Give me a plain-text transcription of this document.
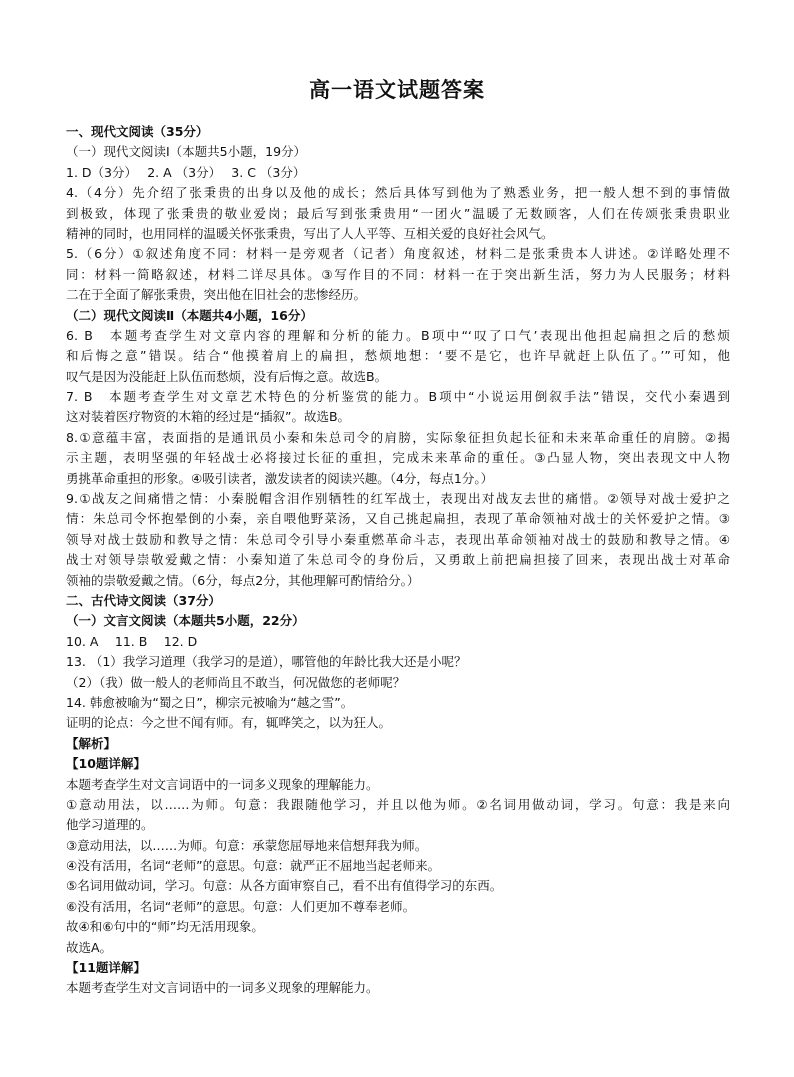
高一语文试题答案
一、现代文阅读（35分）
（一）现代文阅读Ⅰ（本题共5小题，19分）
1. D（3分）　 2. A （3分）　 3. C （3分）
4.（4分）先介绍了张秉贵的出身以及他的成长；然后具体写到他为了熟悉业务，把一般人想不到的事情做
到极致，体现了张秉贵的敬业爱岗；最后写到张秉贵用“一团火”温暖了无数顾客，人们在传颂张秉贵职业
精神的同时，也用同样的温暖关怀张秉贵，写出了人人平等、互相关爱的良好社会风气。
5.（6分）①叙述角度不同：材料一是旁观者（记者）角度叙述，材料二是张秉贵本人讲述。②详略处理不
同：材料一简略叙述，材料二详尽具体。③写作目的不同：材料一在于突出新生活，努力为人民服务；材料
二在于全面了解张秉贵，突出他在旧社会的悲惨经历。
（二）现代文阅读Ⅱ（本题共4小题，16分）
6. B　本题考查学生对文章内容的理解和分析的能力。B项中“‘叹了口气’表现出他担起扁担之后的愁烦
和后悔之意”错误。结合“他摸着肩上的扁担，愁烦地想：‘要不是它，也许早就赶上队伍了。’”可知，他
叹气是因为没能赶上队伍而愁烦，没有后悔之意。故选B。
7. B　本题考查学生对文章艺术特色的分析鉴赏的能力。B项中“小说运用倒叙手法”错误，交代小秦遇到
这对装着医疗物资的木箱的经过是“插叙”。故选B。
8.①意蕴丰富，表面指的是通讯员小秦和朱总司令的肩膀，实际象征担负起长征和未来革命重任的肩膀。②揭
示主题，表明坚强的年轻战士必将接过长征的重担，完成未来革命的重任。③凸显人物，突出表现文中人物
勇挑革命重担的形象。④吸引读者，激发读者的阅读兴趣。（4分，每点1分。）
9.①战友之间痛惜之情：小秦脱帽含泪作别牺牲的红军战士，表现出对战友去世的痛惜。②领导对战士爱护之
情：朱总司令怀抱晕倒的小秦，亲自喂他野菜汤，又自己挑起扁担，表现了革命领袖对战士的关怀爱护之情。③
领导对战士鼓励和教导之情：朱总司令引导小秦重燃革命斗志，表现出革命领袖对战士的鼓励和教导之情。④
战士对领导崇敬爱戴之情：小秦知道了朱总司令的身份后，又勇敢上前把扁担接了回来，表现出战士对革命
领袖的崇敬爱戴之情。（6分，每点2分，其他理解可酌情给分。）
二、古代诗文阅读（37分）
（一）文言文阅读（本题共5小题，22分）
10. A　 11. B　 12. D
13. （1）我学习道理（我学习的是道），哪管他的年龄比我大还是小呢？
（2）（我）做一般人的老师尚且不敢当，何况做您的老师呢？
14. 韩愈被喻为“蜀之日”，柳宗元被喻为“越之雪”。
证明的论点：今之世不闻有师。有，辄哗笑之，以为狂人。
【解析】
【10题详解】
本题考查学生对文言词语中的一词多义现象的理解能力。
①意动用法，以……为师。句意：我跟随他学习，并且以他为师。②名词用做动词，学习。句意：我是来向
他学习道理的。
③意动用法，以……为师。句意：承蒙您屈辱地来信想拜我为师。
④没有活用，名词“老师”的意思。句意：就严正不屈地当起老师来。
⑤名词用做动词，学习。句意：从各方面审察自己，看不出有值得学习的东西。
⑥没有活用，名词“老师”的意思。句意：人们更加不尊奉老师。
故④和⑥句中的“师”均无活用现象。
故选A。
【11题详解】
本题考查学生对文言词语中的一词多义现象的理解能力。
